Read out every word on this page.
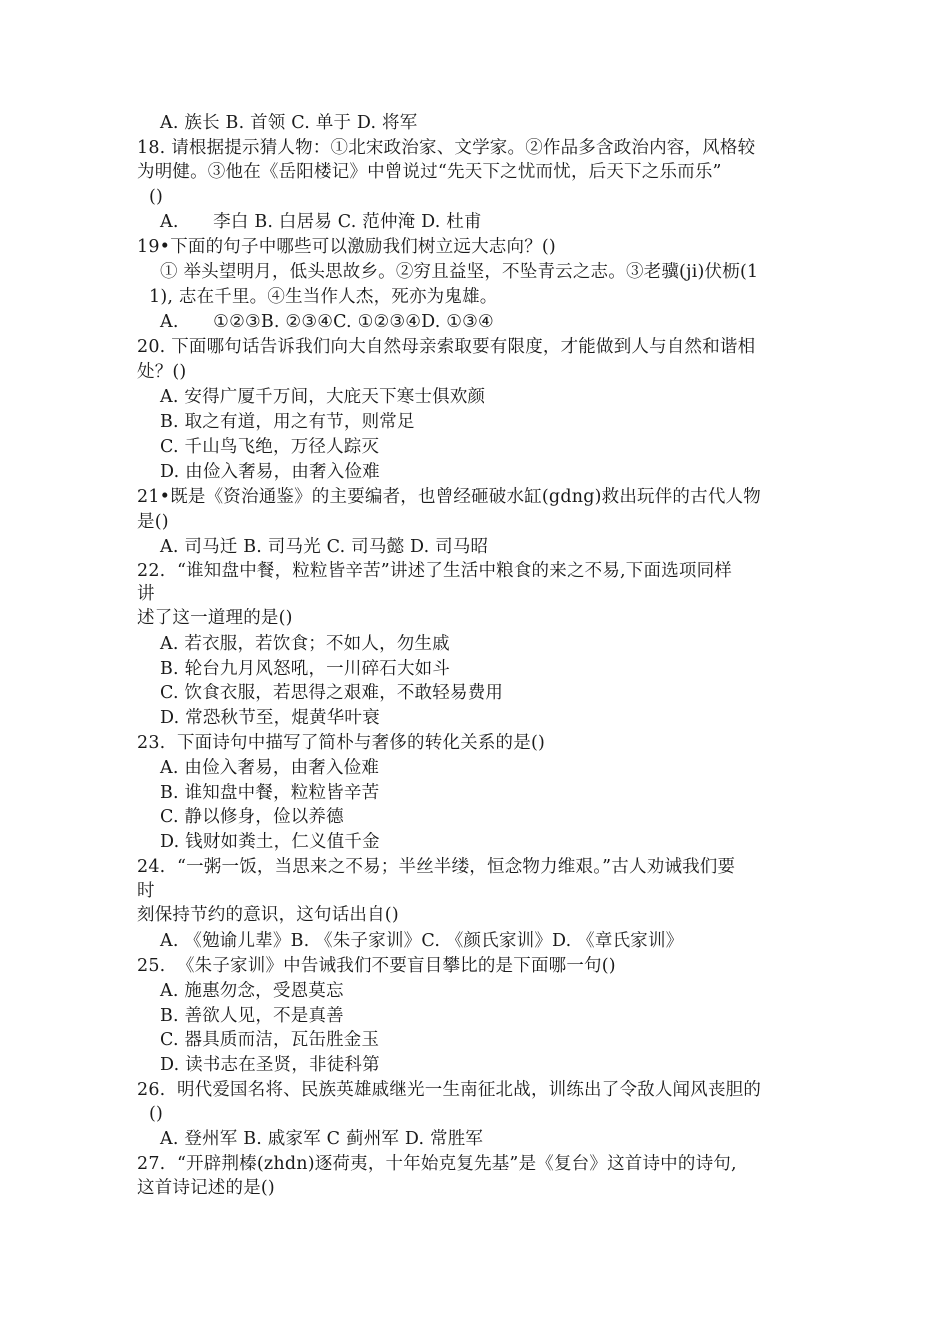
A. 族长 B. 首领 C. 单于 D. 将军
18. 请根据提示猜人物：①北宋政治家、文学家。②作品多含政治内容，风格较
为明健。③他在《岳阳楼记》中曾说过“先天下之忧而忧，后天下之乐而乐”
()
A.      李白 B. 白居易 C. 范仲淹 D. 杜甫
19•下面的句子中哪些可以激励我们树立远大志向？()
① 举头望明月，低头思故乡。②穷且益坚，不坠青云之志。③老骥(ji)伏枥(1
1), 志在千里。④生当作人杰，死亦为鬼雄。
A.      ①②③B. ②③④C. ①②③④D. ①③④
20. 下面哪句话告诉我们向大自然母亲索取要有限度，才能做到人与自然和谐相
处？()
A. 安得广厦千万间，大庇天下寒士俱欢颜
B. 取之有道，用之有节，则常足
C. 千山鸟飞绝，万径人踪灭
D. 由俭入奢易，由奢入俭难
21•既是《资治通鉴》的主要编者，也曾经砸破水缸(gdng)救出玩伴的古代人物
是()
A. 司马迁 B. 司马光 C. 司马懿 D. 司马昭
22.  “谁知盘中餐，粒粒皆辛苦”讲述了生活中粮食的来之不易,下面选项同样
讲
述了这一道理的是()
A. 若衣服，若饮食；不如人，勿生戚
B. 轮台九月风怒吼，一川碎石大如斗
C. 饮食衣服，若思得之艰难，不敢轻易费用
D. 常恐秋节至，焜黄华叶衰
23.  下面诗句中描写了简朴与奢侈的转化关系的是()
A. 由俭入奢易，由奢入俭难
B. 谁知盘中餐，粒粒皆辛苦
C. 静以修身，俭以养德
D. 钱财如粪土，仁义值千金
24.  “一粥一饭，当思来之不易；半丝半缕，恒念物力维艰。”古人劝诫我们要
时
刻保持节约的意识，这句话出自()
A. 《勉谕儿辈》B. 《朱子家训》C. 《颜氏家训》D. 《章氏家训》
25.  《朱子家训》中告诫我们不要盲目攀比的是下面哪一句()
A. 施惠勿念，受恩莫忘
B. 善欲人见，不是真善
C. 器具质而洁，瓦缶胜金玉
D. 读书志在圣贤，非徒科第
26.  明代爱国名将、民族英雄戚继光一生南征北战，训练出了令敌人闻风丧胆的
()
A. 登州军 B. 戚家军 C 蓟州军 D. 常胜军
27.  “开辟荆榛(zhdn)逐荷夷，十年始克复先基”是《复台》这首诗中的诗句,
这首诗记述的是()
